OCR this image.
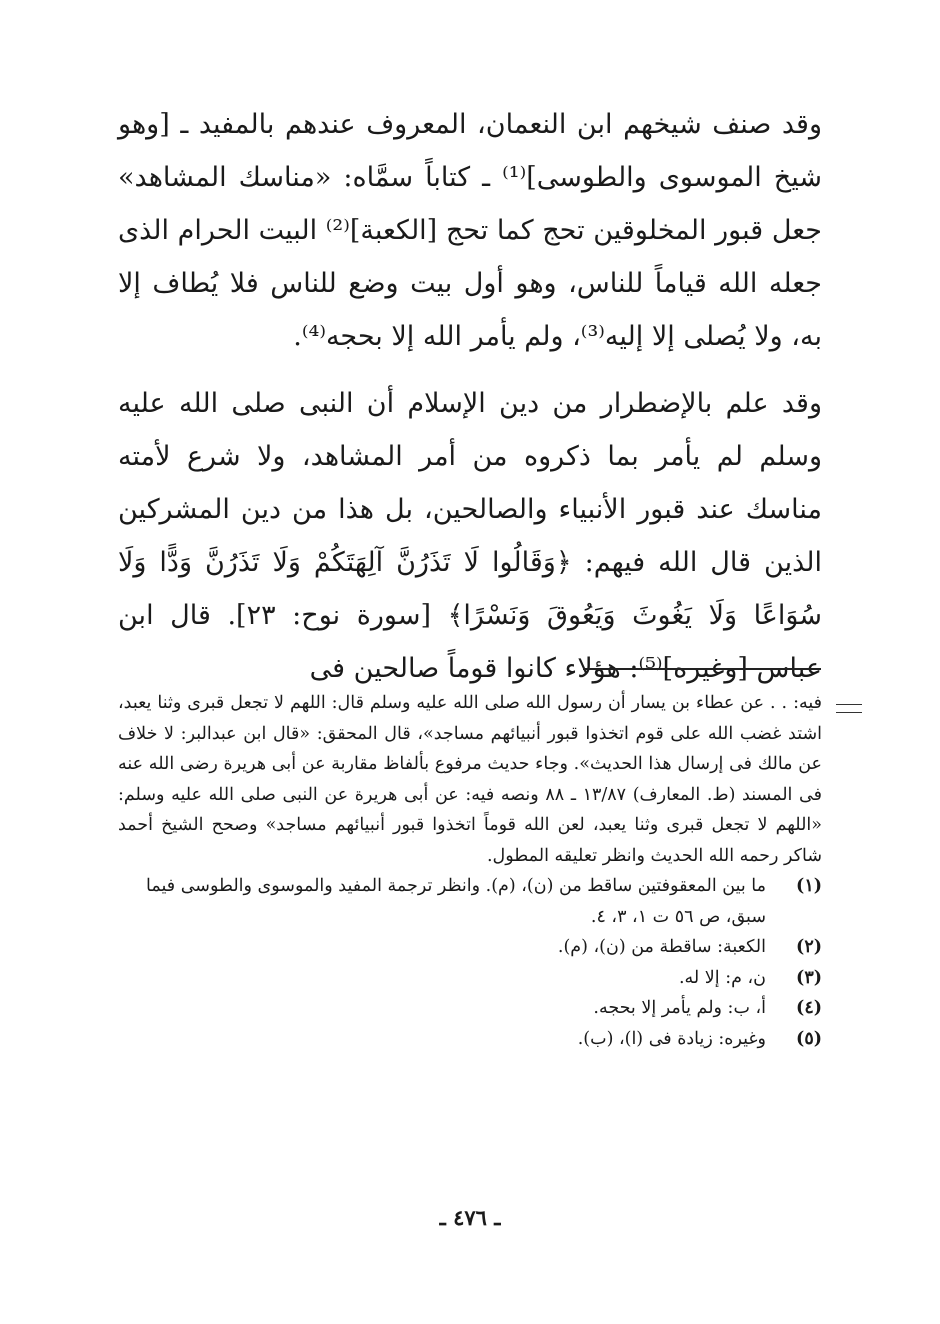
وقد صنف شيخهم ابن النعمان، المعروف عندهم بالمفيد ـ [وهو شيخ الموسوى والطوسى]⁽¹⁾ ـ كتاباً سمَّاه: «مناسك المشاهد» جعل قبور المخلوقين تحج كما تحج [الكعبة]⁽²⁾ البيت الحرام الذى جعله الله قياماً للناس، وهو أول بيت وضع للناس فلا يُطاف إلا به، ولا يُصلى إلا إليه⁽³⁾، ولم يأمر الله إلا بحجه⁽⁴⁾.

وقد علم بالإضطرار من دين الإسلام أن النبى صلى الله عليه وسلم لم يأمر بما ذكروه من أمر المشاهد، ولا شرع لأمته مناسك عند قبور الأنبياء والصالحين، بل هذا من دين المشركين الذين قال الله فيهم: ﴿وَقَالُوا لَا تَذَرُنَّ آلِهَتَكُمْ وَلَا تَذَرُنَّ وَدًّا وَلَا سُوَاعًا وَلَا يَغُوثَ وَيَعُوقَ وَنَسْرًا﴾ [سورة نوح: ٢٣]. قال ابن عباس [وغيره]⁽⁵⁾: هؤلاء كانوا قوماً صالحين فى

فيه: . . عن عطاء بن يسار أن رسول الله صلى الله عليه وسلم قال: اللهم لا تجعل قبرى وثنا يعبد، اشتد غضب الله على قوم اتخذوا قبور أنبيائهم مساجد»، قال المحقق: «قال ابن عبدالبر: لا خلاف عن مالك فى إرسال هذا الحديث». وجاء حديث مرفوع بألفاظ مقاربة عن أبى هريرة رضى الله عنه فى المسند (ط. المعارف) ١٣/٨٧ ـ ٨٨ ونصه فيه: عن أبى هريرة عن النبى صلى الله عليه وسلم: «اللهم لا تجعل قبرى وثنا يعبد، لعن الله قوماً اتخذوا قبور أنبيائهم مساجد» وصحح الشيخ أحمد شاكر رحمه الله الحديث وانظر تعليقه المطول.

(١)
ما بين المعقوفتين ساقط من (ن)، (م). وانظر ترجمة المفيد والموسوى والطوسى فيما سبق، ص ٥٦ ت ١، ٣، ٤.
(٢)
الكعبة: ساقطة من (ن)، (م).
(٣)
ن، م: إلا له.
(٤)
أ، ب: ولم يأمر إلا بحجه.
(٥)
وغيره: زيادة فى (ا)، (ب).
ـ ٤٧٦ ـ
